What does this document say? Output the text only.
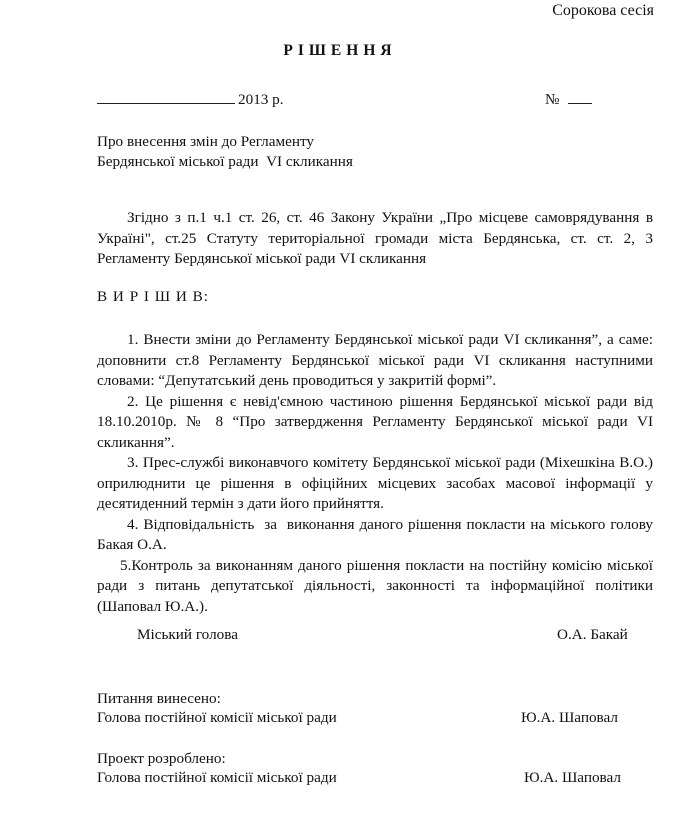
Сорокова сесія
РІШЕННЯ
2013 р.	№
Про внесення змін до Регламенту
Бердянської міської ради  VI скликання
Згідно з п.1 ч.1 ст. 26, ст. 46 Закону України „Про місцеве самоврядування в Україні", ст.25 Статуту територіальної громади міста Бердянська, ст. ст. 2, 3 Регламенту Бердянської міської ради VI скликання
В И Р І Ш И В:
1. Внести зміни до Регламенту Бердянської міської ради VI скликання”, а саме: доповнити ст.8 Регламенту Бердянської міської ради VI скликання наступними словами: “Депутатський день проводиться у закритій формі”.
2. Це рішення є невід'ємною частиною рішення Бердянської міської ради від 18.10.2010р. № 8 “Про затвердження Регламенту Бердянської міської ради VI скликання”.
3. Прес-службі виконавчого комітету Бердянської міської ради (Міхешкіна В.О.) оприлюднити це рішення в офіційних місцевих засобах масової інформації у десятиденний термін з дати його прийняття.
4. Відповідальність  за  виконання даного рішення покласти на міського голову Бакая О.А.
5.Контроль за виконанням даного рішення покласти на постійну комісію міської ради з питань депутатської діяльності, законності та інформаційної політики (Шаповал Ю.А.).
Міський голова	О.А. Бакай
Питання винесено:
Голова постійної комісії міської ради	Ю.А. Шаповал
Проект розроблено:
Голова постійної комісії міської ради	Ю.А. Шаповал
